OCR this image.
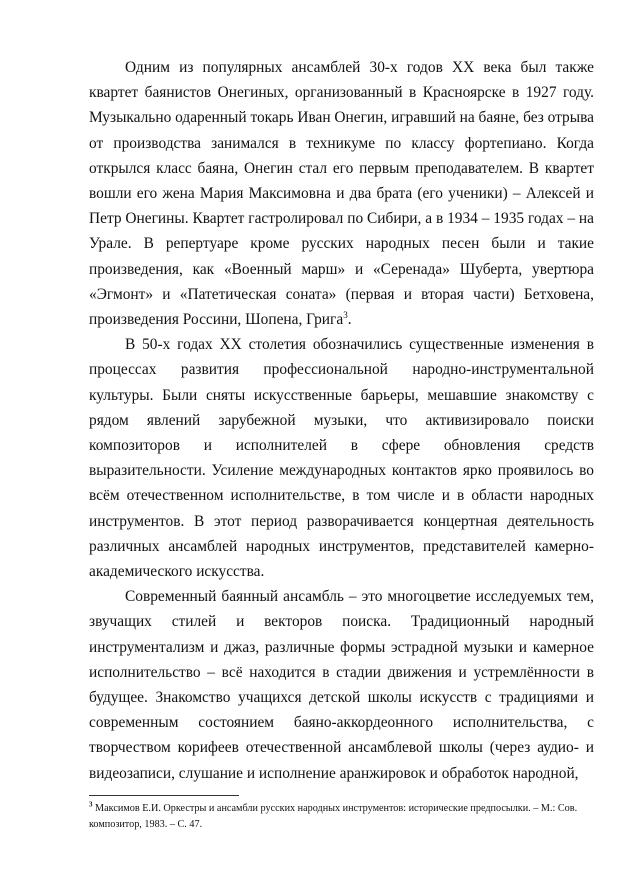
Одним из популярных ансамблей 30-х годов XX века был также квартет баянистов Онегиных, организованный в Красноярске в 1927 году. Музыкально одаренный токарь Иван Онегин, игравший на баяне, без отрыва от производства занимался в техникуме по классу фортепиано. Когда открылся класс баяна, Онегин стал его первым преподавателем. В квартет вошли его жена Мария Максимовна и два брата (его ученики) – Алексей и Петр Онегины. Квартет гастролировал по Сибири, а в 1934 – 1935 годах – на Урале. В репертуаре кроме русских народных песен были и такие произведения, как «Военный марш» и «Серенада» Шуберта, увертюра «Эгмонт» и «Патетическая соната» (первая и вторая части) Бетховена, произведения Россини, Шопена, Грига$^3$.

В 50-х годах XX столетия обозначились существенные изменения в процессах развития профессиональной народно-инструментальной культуры. Были сняты искусственные барьеры, мешавшие знакомству с рядом явлений зарубежной музыки, что активизировало поиски композиторов и исполнителей в сфере обновления средств выразительности. Усиление международных контактов ярко проявилось во всём отечественном исполнительстве, в том числе и в области народных инструментов. В этот период разворачивается концертная деятельность различных ансамблей народных инструментов, представителей камерно-академического искусства.

Современный баянный ансамбль – это многоцветие исследуемых тем, звучащих стилей и векторов поиска. Традиционный народный инструментализм и джаз, различные формы эстрадной музыки и камерное исполнительство – всё находится в стадии движения и устремлённости в будущее. Знакомство учащихся детской школы искусств с традициями и современным состоянием баяно-аккордеонного исполнительства, с творчеством корифеев отечественной ансамблевой школы (через аудио- и видеозаписи, слушание и исполнение аранжировок и обработок народной,

$^3$ Максимов Е.И. Оркестры и ансамбли русских народных инструментов: исторические предпосылки. – М.: Сов. композитор, 1983. – С. 47.
